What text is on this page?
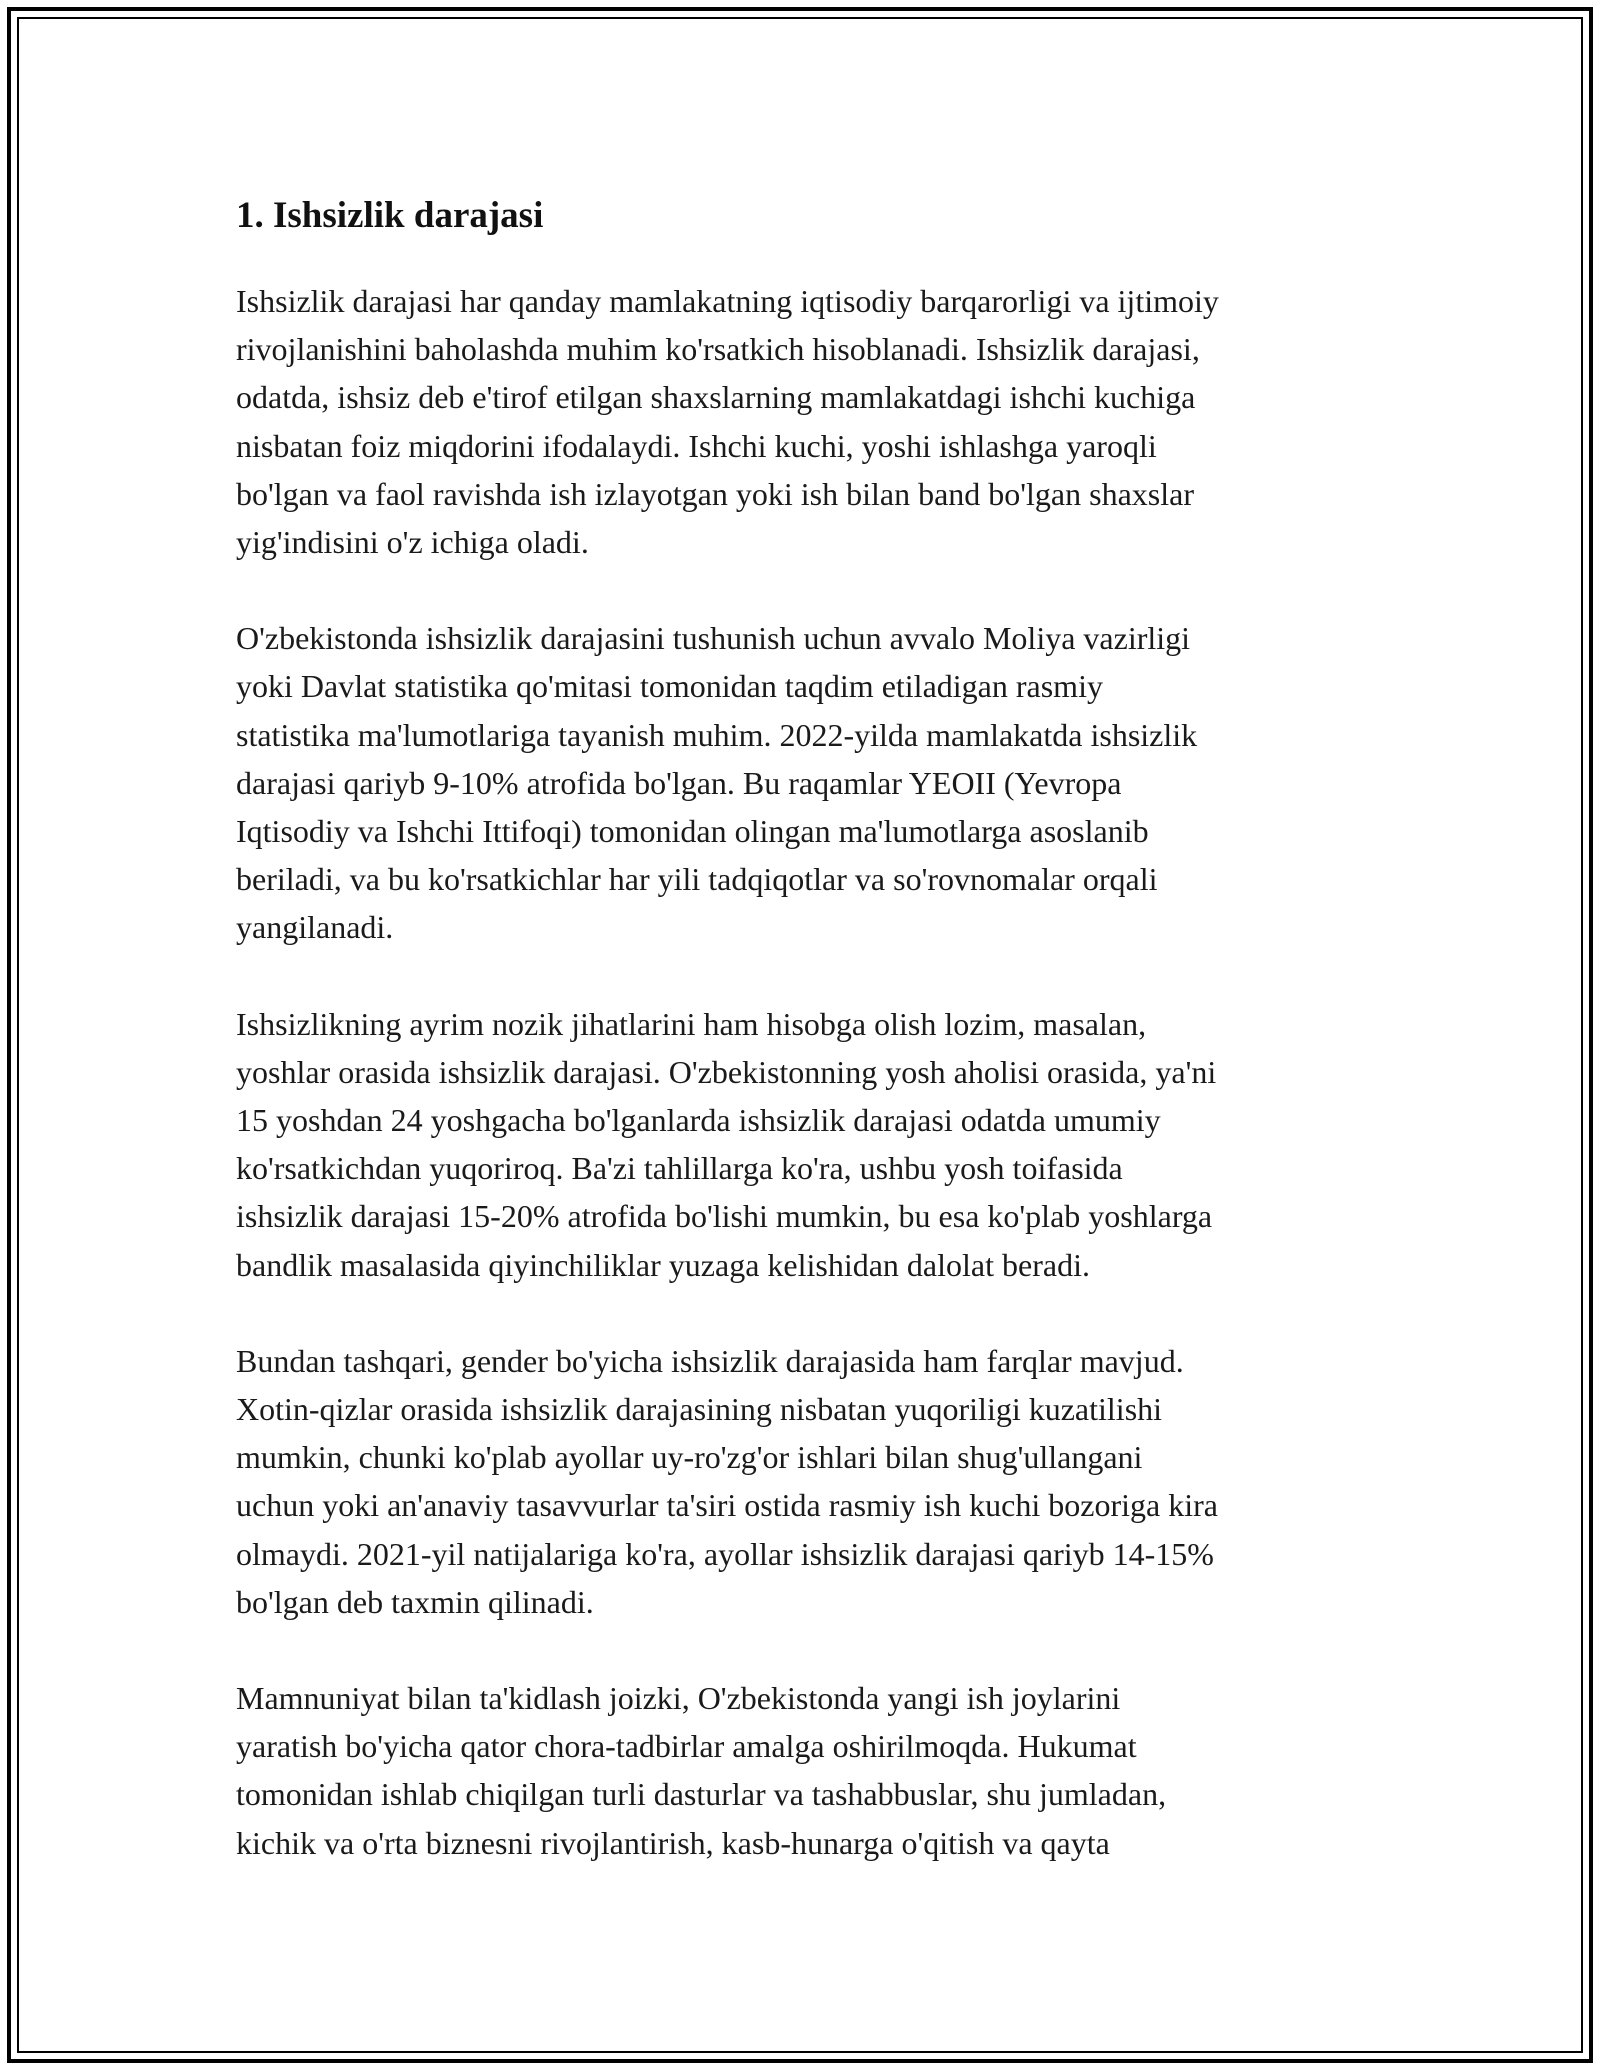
1. Ishsizlik darajasi

Ishsizlik darajasi har qanday mamlakatning iqtisodiy barqarorligi va ijtimoiy
rivojlanishini baholashda muhim ko'rsatkich hisoblanadi. Ishsizlik darajasi,
odatda, ishsiz deb e'tirof etilgan shaxslarning mamlakatdagi ishchi kuchiga
nisbatan foiz miqdorini ifodalaydi. Ishchi kuchi, yoshi ishlashga yaroqli
bo'lgan va faol ravishda ish izlayotgan yoki ish bilan band bo'lgan shaxslar
yig'indisini o'z ichiga oladi.

O'zbekistonda ishsizlik darajasini tushunish uchun avvalo Moliya vazirligi
yoki Davlat statistika qo'mitasi tomonidan taqdim etiladigan rasmiy
statistika ma'lumotlariga tayanish muhim. 2022-yilda mamlakatda ishsizlik
darajasi qariyb 9-10% atrofida bo'lgan. Bu raqamlar YEOII (Yevropa
Iqtisodiy va Ishchi Ittifoqi) tomonidan olingan ma'lumotlarga asoslanib
beriladi, va bu ko'rsatkichlar har yili tadqiqotlar va so'rovnomalar orqali
yangilanadi.

Ishsizlikning ayrim nozik jihatlarini ham hisobga olish lozim, masalan,
yoshlar orasida ishsizlik darajasi. O'zbekistonning yosh aholisi orasida, ya'ni
15 yoshdan 24 yoshgacha bo'lganlarda ishsizlik darajasi odatda umumiy
ko'rsatkichdan yuqoriroq. Ba'zi tahlillarga ko'ra, ushbu yosh toifasida
ishsizlik darajasi 15-20% atrofida bo'lishi mumkin, bu esa ko'plab yoshlarga
bandlik masalasida qiyinchiliklar yuzaga kelishidan dalolat beradi.

Bundan tashqari, gender bo'yicha ishsizlik darajasida ham farqlar mavjud.
Xotin-qizlar orasida ishsizlik darajasining nisbatan yuqoriligi kuzatilishi
mumkin, chunki ko'plab ayollar uy-ro'zg'or ishlari bilan shug'ullangani
uchun yoki an'anaviy tasavvurlar ta'siri ostida rasmiy ish kuchi bozoriga kira
olmaydi. 2021-yil natijalariga ko'ra, ayollar ishsizlik darajasi qariyb 14-15%
bo'lgan deb taxmin qilinadi.

Mamnuniyat bilan ta'kidlash joizki, O'zbekistonda yangi ish joylarini
yaratish bo'yicha qator chora-tadbirlar amalga oshirilmoqda. Hukumat
tomonidan ishlab chiqilgan turli dasturlar va tashabbuslar, shu jumladan,
kichik va o'rta biznesni rivojlantirish, kasb-hunarga o'qitish va qayta
